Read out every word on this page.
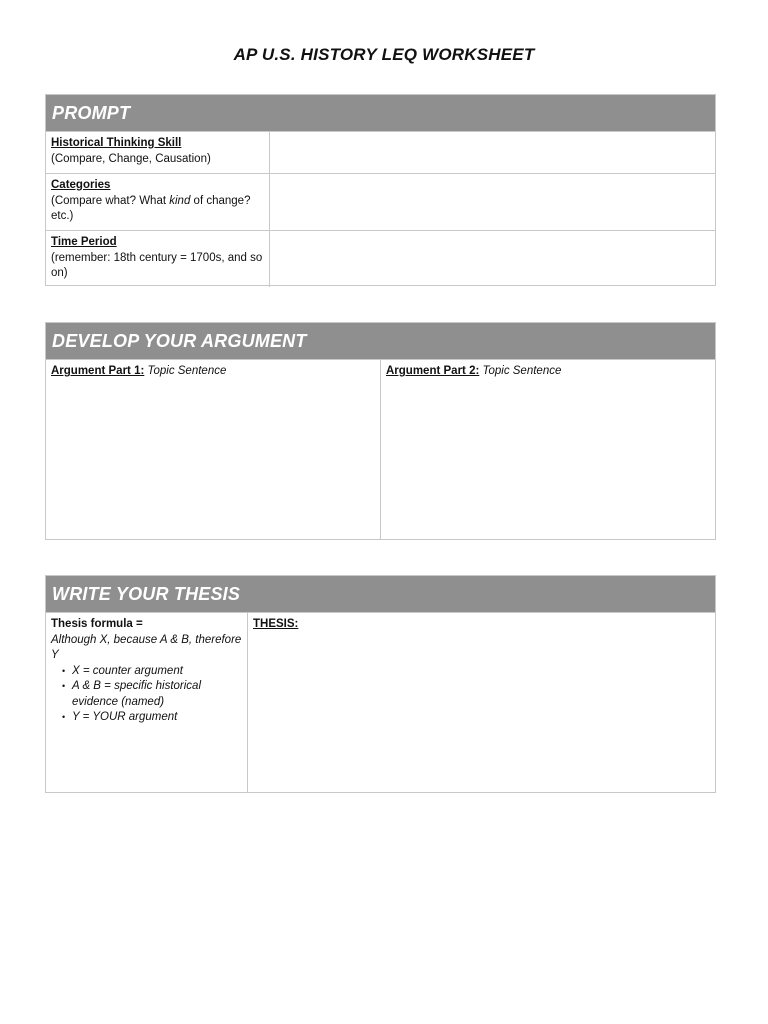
AP U.S. HISTORY LEQ WORKSHEET
PROMPT
Historical Thinking Skill
(Compare, Change, Causation)
Categories
(Compare what? What kind of change? etc.)
Time Period
(remember: 18th century = 1700s, and so on)
DEVELOP YOUR ARGUMENT
Argument Part 1: Topic Sentence	Argument Part 2: Topic Sentence
WRITE YOUR THESIS
Thesis formula =
Although X, because A & B, therefore Y
• X = counter argument
• A & B = specific historical evidence (named)
• Y = YOUR argument
THESIS:
